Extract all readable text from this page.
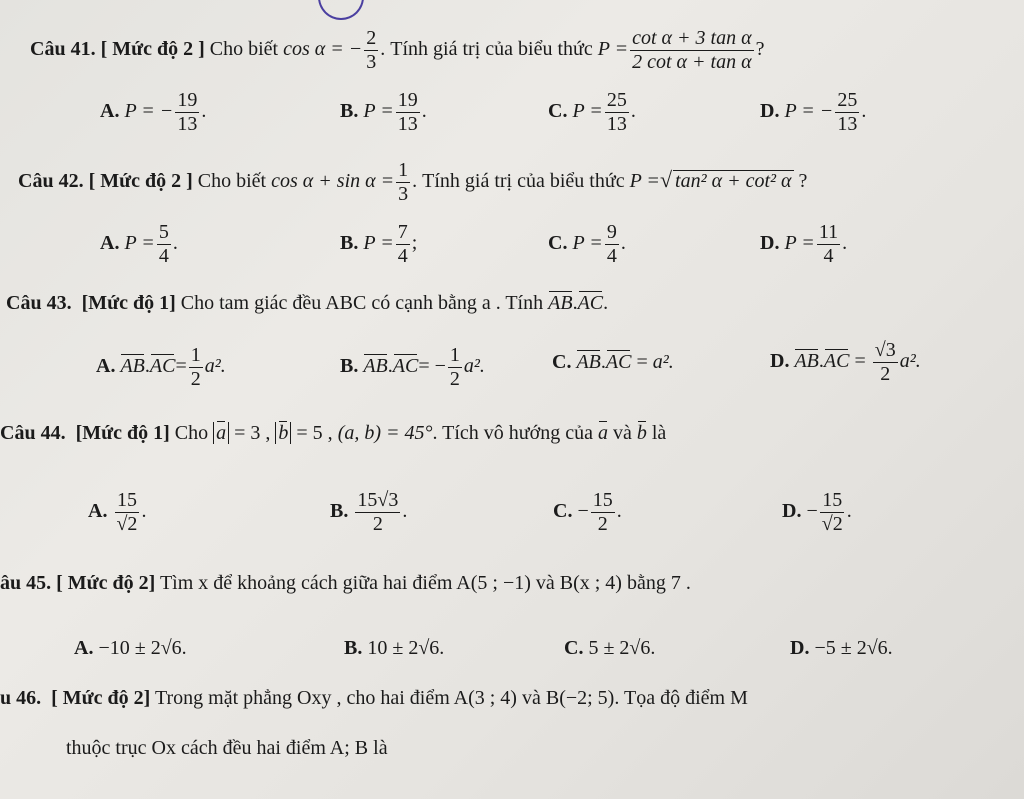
Câu 41. [ Mức độ 2 ] Cho biết cos α = − $\frac{2}{3}$ . Tính giá trị của biểu thức $P = \frac{\text{cot α + 3 tan α}}{\text{2 cot α + tan α}}$ ?
A. P = − $\frac{19}{13}$ .	B. $P = \frac{19}{13}$ .	C. $P = \frac{25}{13}$ .	D. P = − $\frac{25}{13}$ .
Câu 42. [ Mức độ 2 ] Cho biết $\cos \alpha + \sin \alpha = \frac{1}{3}$ . Tính giá trị của biểu thức P =√ tan² α + cot² α ?
A. $P = \frac{5}{4}$ .	B. $P = \frac{7}{4}$ ;	C. $P = \frac{9}{4}$ .	D. $P = \frac{11}{4}$ .
Câu 43. [Mức độ 1] Cho tam giác đều ABC có cạnh bằng a . Tính AB.AC.
A. $AB.AC= \frac{1}{2} a^2$.	B. $AB.AC= - \frac{1}{2} a^2$.	C. AB.AC = a².	D. $AB.AC = \frac{√3}{2} a^2$.
Câu 44. [Mức độ 1] Cho a = 3 , b = 5 , (a, b) = 45°. Tích vô hướng của a và b là
A. $\frac{15}{√2}$ .	B. $\frac{15√3}{2}$ .	C. − $\frac{15}{2}$ .	D. − $\frac{15}{√2}$ .
âu 45. [ Mức độ 2] Tìm x để khoảng cách giữa hai điểm A(5 ; −1) và B(x ; 4) bằng 7 .
A. −10 ± 2√6.	B. 10 ± 2√6.	C. 5 ± 2√6.	D. −5 ± 2√6.
u 46. [ Mức độ 2] Trong mặt phẳng Oxy , cho hai điểm A(3 ; 4) và B(−2; 5). Tọa độ điểm M
thuộc trục Ox cách đều hai điểm A; B là
